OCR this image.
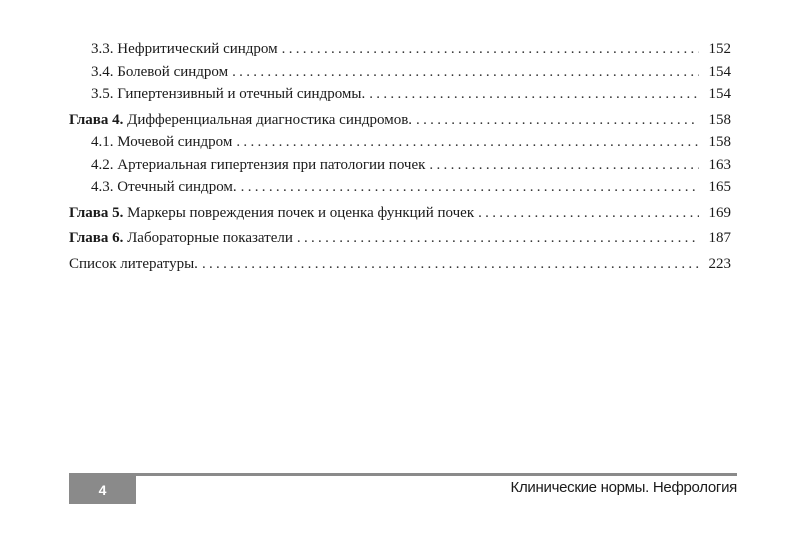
3.3. Нефритический синдром .....	152
3.4. Болевой синдром .....	154
3.5. Гипертензивный и отечный синдромы. .....	154
Глава 4. Дифференциальная диагностика синдромов. .....	158
4.1. Мочевой синдром .....	158
4.2. Артериальная гипертензия при патологии почек .....	163
4.3. Отечный синдром. .....	165
Глава 5. Маркеры повреждения почек и оценка функций почек .....	169
Глава 6. Лабораторные показатели .....	187
Список литературы. .....	223
4	Клинические нормы. Нефрология
